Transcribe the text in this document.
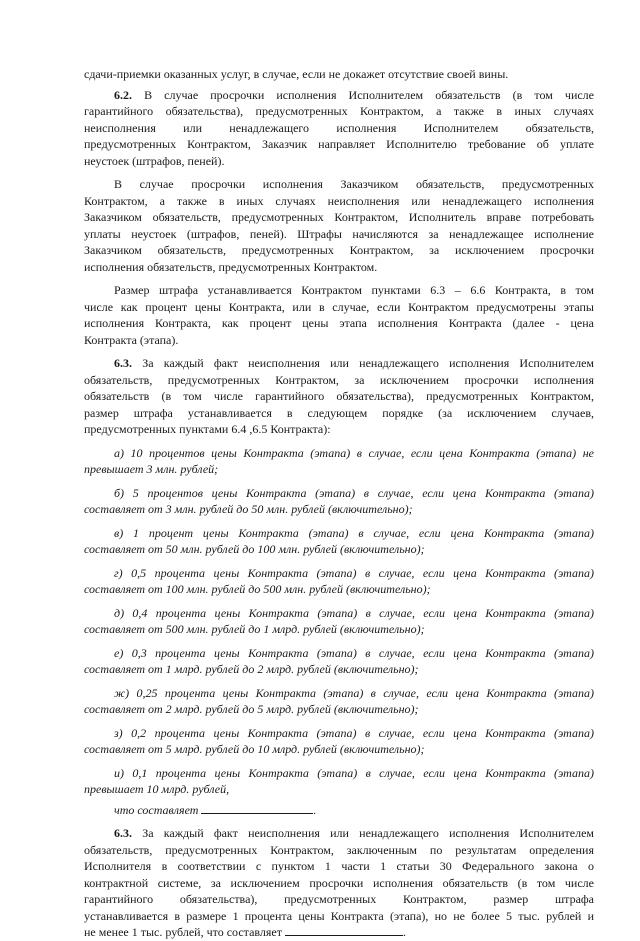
сдачи-приемки оказанных услуг, в случае, если не докажет отсутствие своей вины.
6.2. В случае просрочки исполнения Исполнителем обязательств (в том числе
гарантийного обязательства), предусмотренных Контрактом, а также в иных случаях
неисполнения или ненадлежащего исполнения Исполнителем обязательств,
предусмотренных Контрактом, Заказчик направляет Исполнителю требование об уплате
неустоек (штрафов, пеней).
В случае просрочки исполнения Заказчиком обязательств, предусмотренных
Контрактом, а также в иных случаях неисполнения или ненадлежащего исполнения
Заказчиком обязательств, предусмотренных Контрактом, Исполнитель вправе потребовать
уплаты неустоек (штрафов, пеней). Штрафы начисляются за ненадлежащее исполнение
Заказчиком обязательств, предусмотренных Контрактом, за исключением просрочки
исполнения обязательств, предусмотренных Контрактом.
Размер штрафа устанавливается Контрактом пунктами 6.3 – 6.6 Контракта, в том
числе как процент цены Контракта, или в случае, если Контрактом предусмотрены этапы
исполнения Контракта, как процент цены этапа исполнения Контракта (далее - цена
Контракта (этапа).
6.3. За каждый факт неисполнения или ненадлежащего исполнения Исполнителем
обязательств, предусмотренных Контрактом, за исключением просрочки исполнения
обязательств (в том числе гарантийного обязательства), предусмотренных Контрактом,
размер штрафа устанавливается в следующем порядке (за исключением случаев,
предусмотренных пунктами 6.4 ,6.5 Контракта):
а) 10 процентов цены Контракта (этапа) в случае, если цена Контракта (этапа) не
превышает 3 млн. рублей;
б) 5 процентов цены Контракта (этапа) в случае, если цена Контракта (этапа)
составляет от 3 млн. рублей до 50 млн. рублей (включительно);
в) 1 процент цены Контракта (этапа) в случае, если цена Контракта (этапа)
составляет от 50 млн. рублей до 100 млн. рублей (включительно);
г) 0,5 процента цены Контракта (этапа) в случае, если цена Контракта (этапа)
составляет от 100 млн. рублей до 500 млн. рублей (включительно);
д) 0,4 процента цены Контракта (этапа) в случае, если цена Контракта (этапа)
составляет от 500 млн. рублей до 1 млрд. рублей (включительно);
е) 0,3 процента цены Контракта (этапа) в случае, если цена Контракта (этапа)
составляет от 1 млрд. рублей до 2 млрд. рублей (включительно);
ж) 0,25 процента цены Контракта (этапа) в случае, если цена Контракта (этапа)
составляет от 2 млрд. рублей до 5 млрд. рублей (включительно);
з) 0,2 процента цены Контракта (этапа) в случае, если цена Контракта (этапа)
составляет от 5 млрд. рублей до 10 млрд. рублей (включительно);
и) 0,1 процента цены Контракта (этапа) в случае, если цена Контракта (этапа)
превышает 10 млрд. рублей,
что составляет	.
6.3. За каждый факт неисполнения или ненадлежащего исполнения Исполнителем
обязательств, предусмотренных Контрактом, заключенным по результатам определения
Исполнителя в соответствии с пунктом 1 части 1 статьи 30 Федерального закона о
контрактной системе, за исключением просрочки исполнения обязательств (в том числе
гарантийного обязательства), предусмотренных Контрактом, размер штрафа
устанавливается в размере 1 процента цены Контракта (этапа), но не более 5 тыс. рублей и
не менее 1 тыс. рублей, что составляет	.
